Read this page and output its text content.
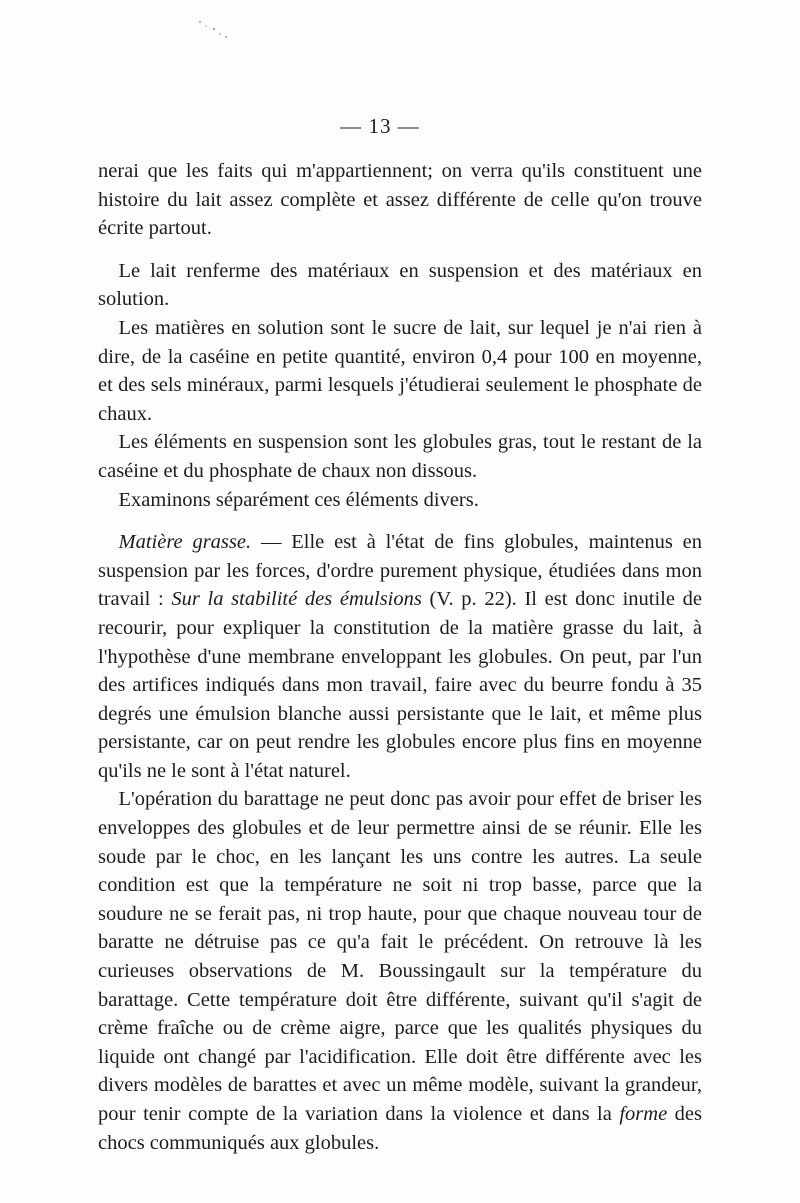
— 13 —

nerai que les faits qui m'appartiennent; on verra qu'ils constituent une histoire du lait assez complète et assez différente de celle qu'on trouve écrite partout.

Le lait renferme des matériaux en suspension et des matériaux en solution.

Les matières en solution sont le sucre de lait, sur lequel je n'ai rien à dire, de la caséine en petite quantité, environ 0,4 pour 100 en moyenne, et des sels minéraux, parmi lesquels j'étudierai seulement le phosphate de chaux.

Les éléments en suspension sont les globules gras, tout le restant de la caséine et du phosphate de chaux non dissous.

Examinons séparément ces éléments divers.

Matière grasse. — Elle est à l'état de fins globules, maintenus en suspension par les forces, d'ordre purement physique, étudiées dans mon travail : Sur la stabilité des émulsions (V. p. 22). Il est donc inutile de recourir, pour expliquer la constitution de la matière grasse du lait, à l'hypothèse d'une membrane enveloppant les globules. On peut, par l'un des artifices indiqués dans mon travail, faire avec du beurre fondu à 35 degrés une émulsion blanche aussi persistante que le lait, et même plus persistante, car on peut rendre les globules encore plus fins en moyenne qu'ils ne le sont à l'état naturel.

L'opération du barattage ne peut donc pas avoir pour effet de briser les enveloppes des globules et de leur permettre ainsi de se réunir. Elle les soude par le choc, en les lançant les uns contre les autres. La seule condition est que la température ne soit ni trop basse, parce que la soudure ne se ferait pas, ni trop haute, pour que chaque nouveau tour de baratte ne détruise pas ce qu'a fait le précédent. On retrouve là les curieuses observations de M. Boussingault sur la température du barattage. Cette température doit être différente, suivant qu'il s'agit de crème fraîche ou de crème aigre, parce que les qualités physiques du liquide ont changé par l'acidification. Elle doit être différente avec les divers modèles de barattes et avec un même modèle, suivant la grandeur, pour tenir compte de la variation dans la violence et dans la forme des chocs communiqués aux globules.
